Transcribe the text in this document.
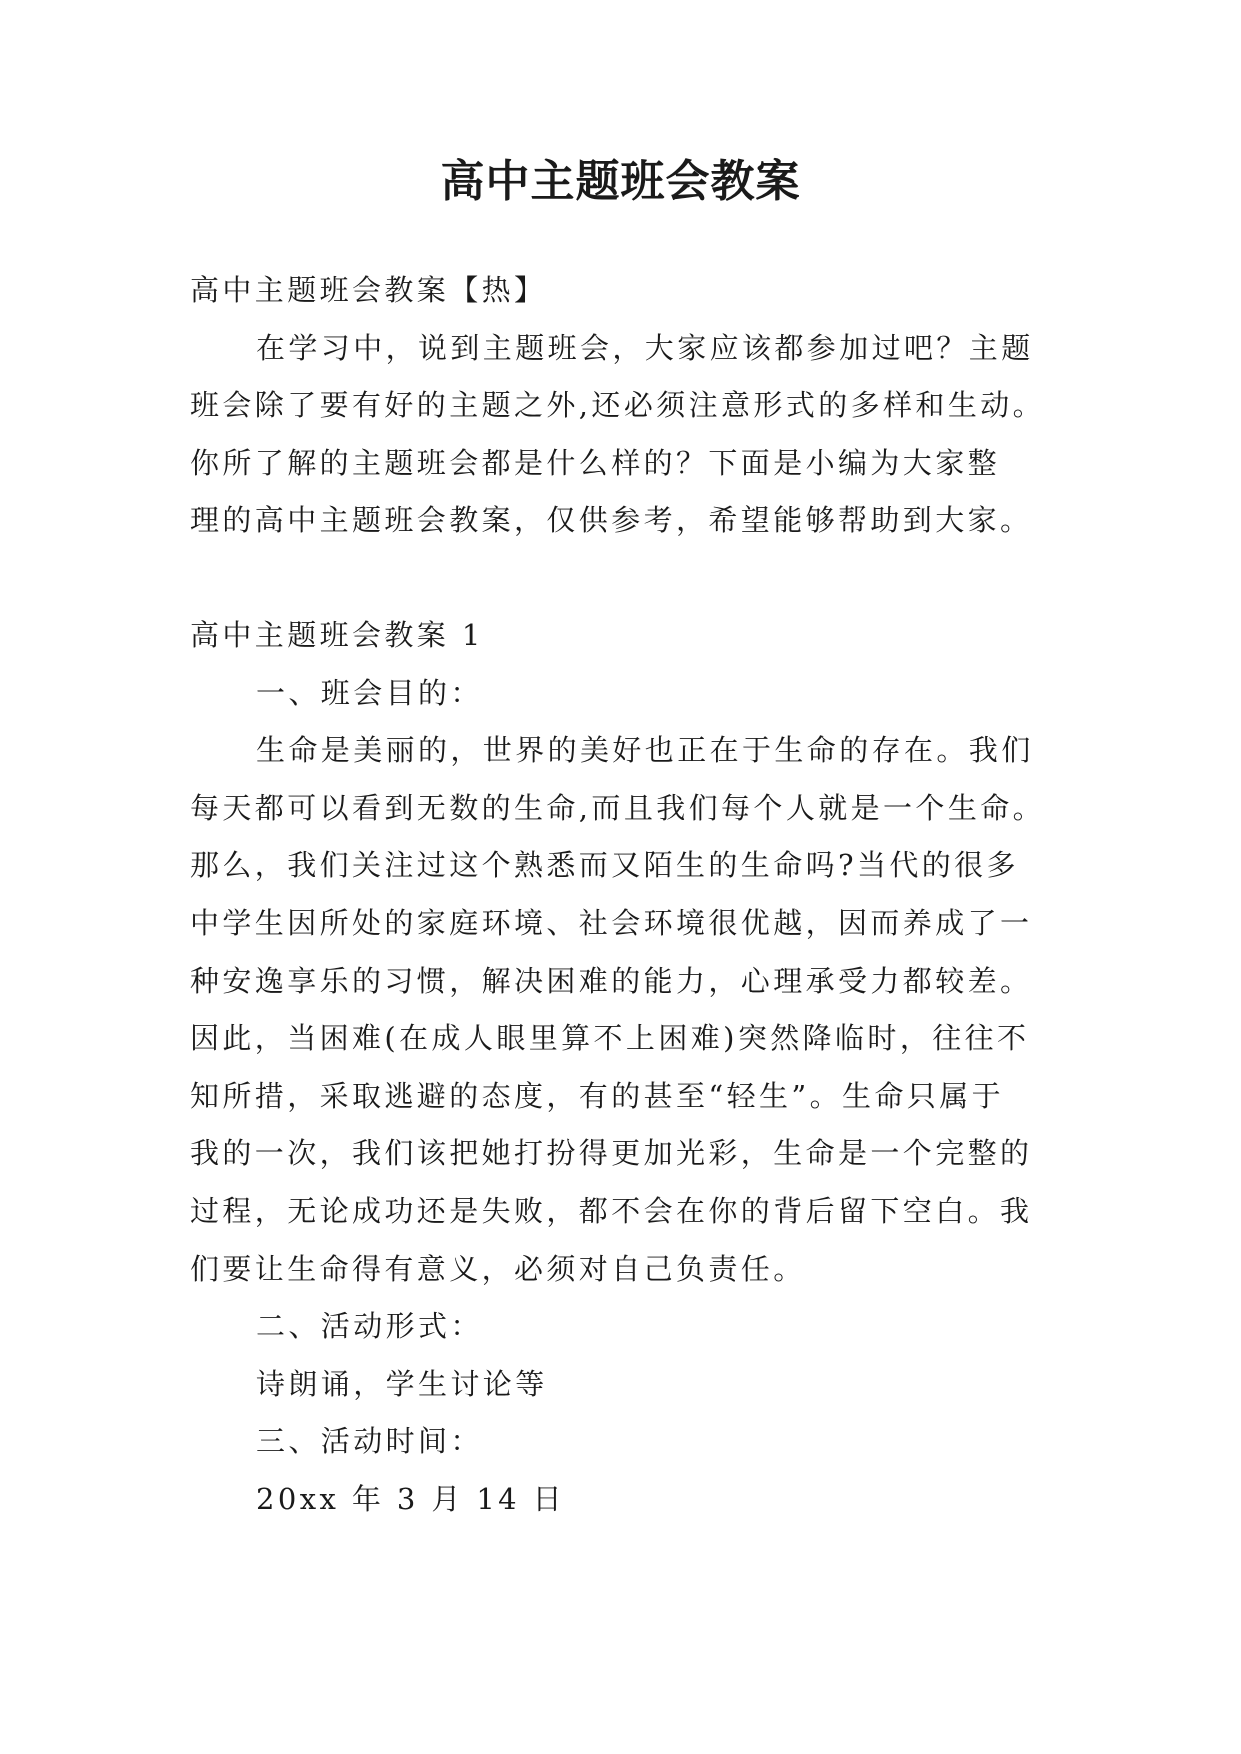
高中主题班会教案

高中主题班会教案【热】

在学习中，说到主题班会，大家应该都参加过吧？主题

班会除了要有好的主题之外,还必须注意形式的多样和生动。

你所了解的主题班会都是什么样的？下面是小编为大家整

理的高中主题班会教案，仅供参考，希望能够帮助到大家。

高中主题班会教案 1

一、班会目的：

生命是美丽的，世界的美好也正在于生命的存在。我们

每天都可以看到无数的生命,而且我们每个人就是一个生命。

那么，我们关注过这个熟悉而又陌生的生命吗?当代的很多

中学生因所处的家庭环境、社会环境很优越，因而养成了一

种安逸享乐的习惯，解决困难的能力，心理承受力都较差。

因此，当困难(在成人眼里算不上困难)突然降临时，往往不

知所措，采取逃避的态度，有的甚至“轻生”。生命只属于

我的一次，我们该把她打扮得更加光彩，生命是一个完整的

过程，无论成功还是失败，都不会在你的背后留下空白。我

们要让生命得有意义，必须对自己负责任。

二、活动形式：

诗朗诵，学生讨论等

三、活动时间：

20xx 年 3 月 14 日
